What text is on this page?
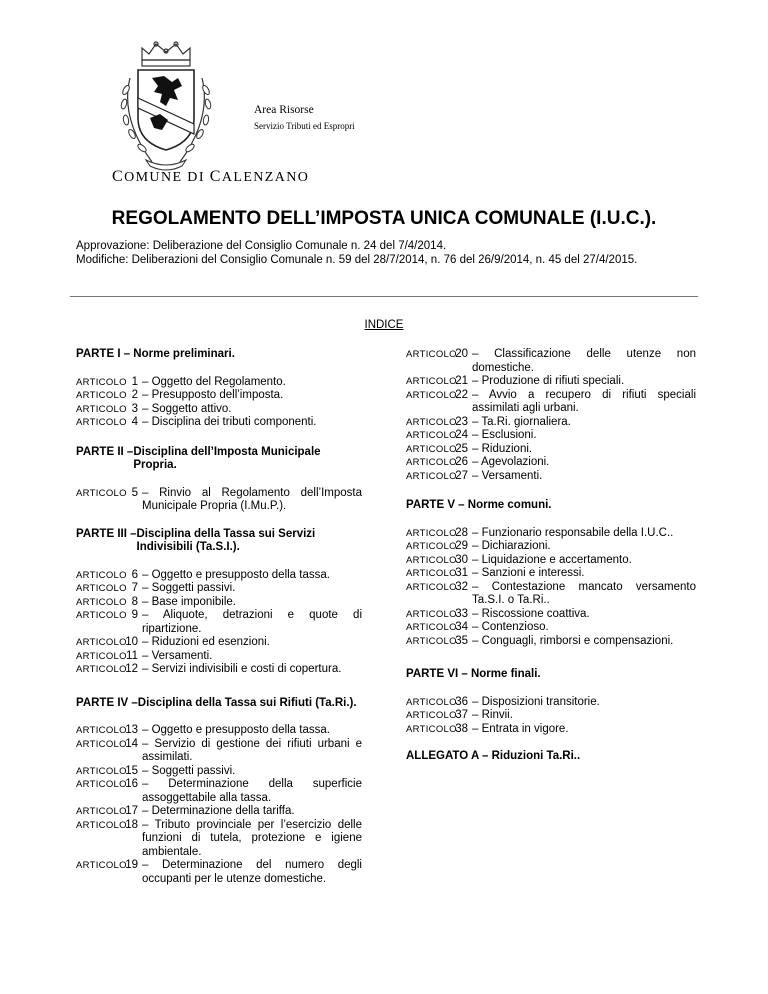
Area Risorse
Servizio Tributi ed Espropri
COMUNE DI CALENZANO
REGOLAMENTO DELL’IMPOSTA UNICA COMUNALE (I.U.C.).
Approvazione: Deliberazione del Consiglio Comunale n. 24 del 7/4/2014.
Modifiche: Deliberazioni del Consiglio Comunale n. 59 del 28/7/2014, n. 76 del 26/9/2014, n. 45 del 27/4/2015.
INDICE
PARTE I – Norme preliminari.
ARTICOLO 1 – Oggetto del Regolamento.
ARTICOLO 2 – Presupposto dell’imposta.
ARTICOLO 3 – Soggetto attivo.
ARTICOLO 4 – Disciplina dei tributi componenti.
PARTE II – Disciplina dell’Imposta Municipale Propria.
ARTICOLO 5 – Rinvio al Regolamento dell’Imposta Municipale Propria (I.Mu.P.).
PARTE III – Disciplina della Tassa sui Servizi Indivisibili (Ta.S.I.).
ARTICOLO 6 – Oggetto e presupposto della tassa.
ARTICOLO 7 – Soggetti passivi.
ARTICOLO 8 – Base imponibile.
ARTICOLO 9 – Aliquote, detrazioni e quote di ripartizione.
ARTICOLO
10 – Riduzioni ed esenzioni.
ARTICOLO 11 – Versamenti.
ARTICOLO
12 – Servizi indivisibili e costi di copertura.
PARTE IV – Disciplina della Tassa sui Rifiuti (Ta.Ri.).
ARTICOLO
13 – Oggetto e presupposto della tassa.
ARTICOLO
14 – Servizio di gestione dei rifiuti urbani e assimilati.
ARTICOLO
15 – Soggetti passivi.
ARTICOLO
16 – Determinazione della superficie assoggettabile alla tassa.
ARTICOLO
17 – Determinazione della tariffa.
ARTICOLO
18 – Tributo provinciale per l’esercizio delle funzioni di tutela, protezione e igiene ambientale.
ARTICOLO
19 – Determinazione del numero degli occupanti per le utenze domestiche.
ARTICOLO
20 – Classificazione delle utenze non domestiche.
ARTICOLO
21 – Produzione di rifiuti speciali.
ARTICOLO
22 – Avvio a recupero di rifiuti speciali assimilati agli urbani.
ARTICOLO
23 – Ta.Ri. giornaliera.
ARTICOLO
24 – Esclusioni.
ARTICOLO
25 – Riduzioni.
ARTICOLO
26 – Agevolazioni.
ARTICOLO
27 – Versamenti.
PARTE V – Norme comuni.
ARTICOLO
28 – Funzionario responsabile della I.U.C..
ARTICOLO
29 – Dichiarazioni.
ARTICOLO
30 – Liquidazione e accertamento.
ARTICOLO
31 – Sanzioni e interessi.
ARTICOLO
32 – Contestazione mancato versamento Ta.S.I. o Ta.Ri..
ARTICOLO
33 – Riscossione coattiva.
ARTICOLO
34 – Contenzioso.
ARTICOLO
35 – Conguagli, rimborsi e compensazioni.
PARTE VI – Norme finali.
ARTICOLO
36 – Disposizioni transitorie.
ARTICOLO
37 – Rinvii.
ARTICOLO
38 – Entrata in vigore.
ALLEGATO A – Riduzioni Ta.Ri..
